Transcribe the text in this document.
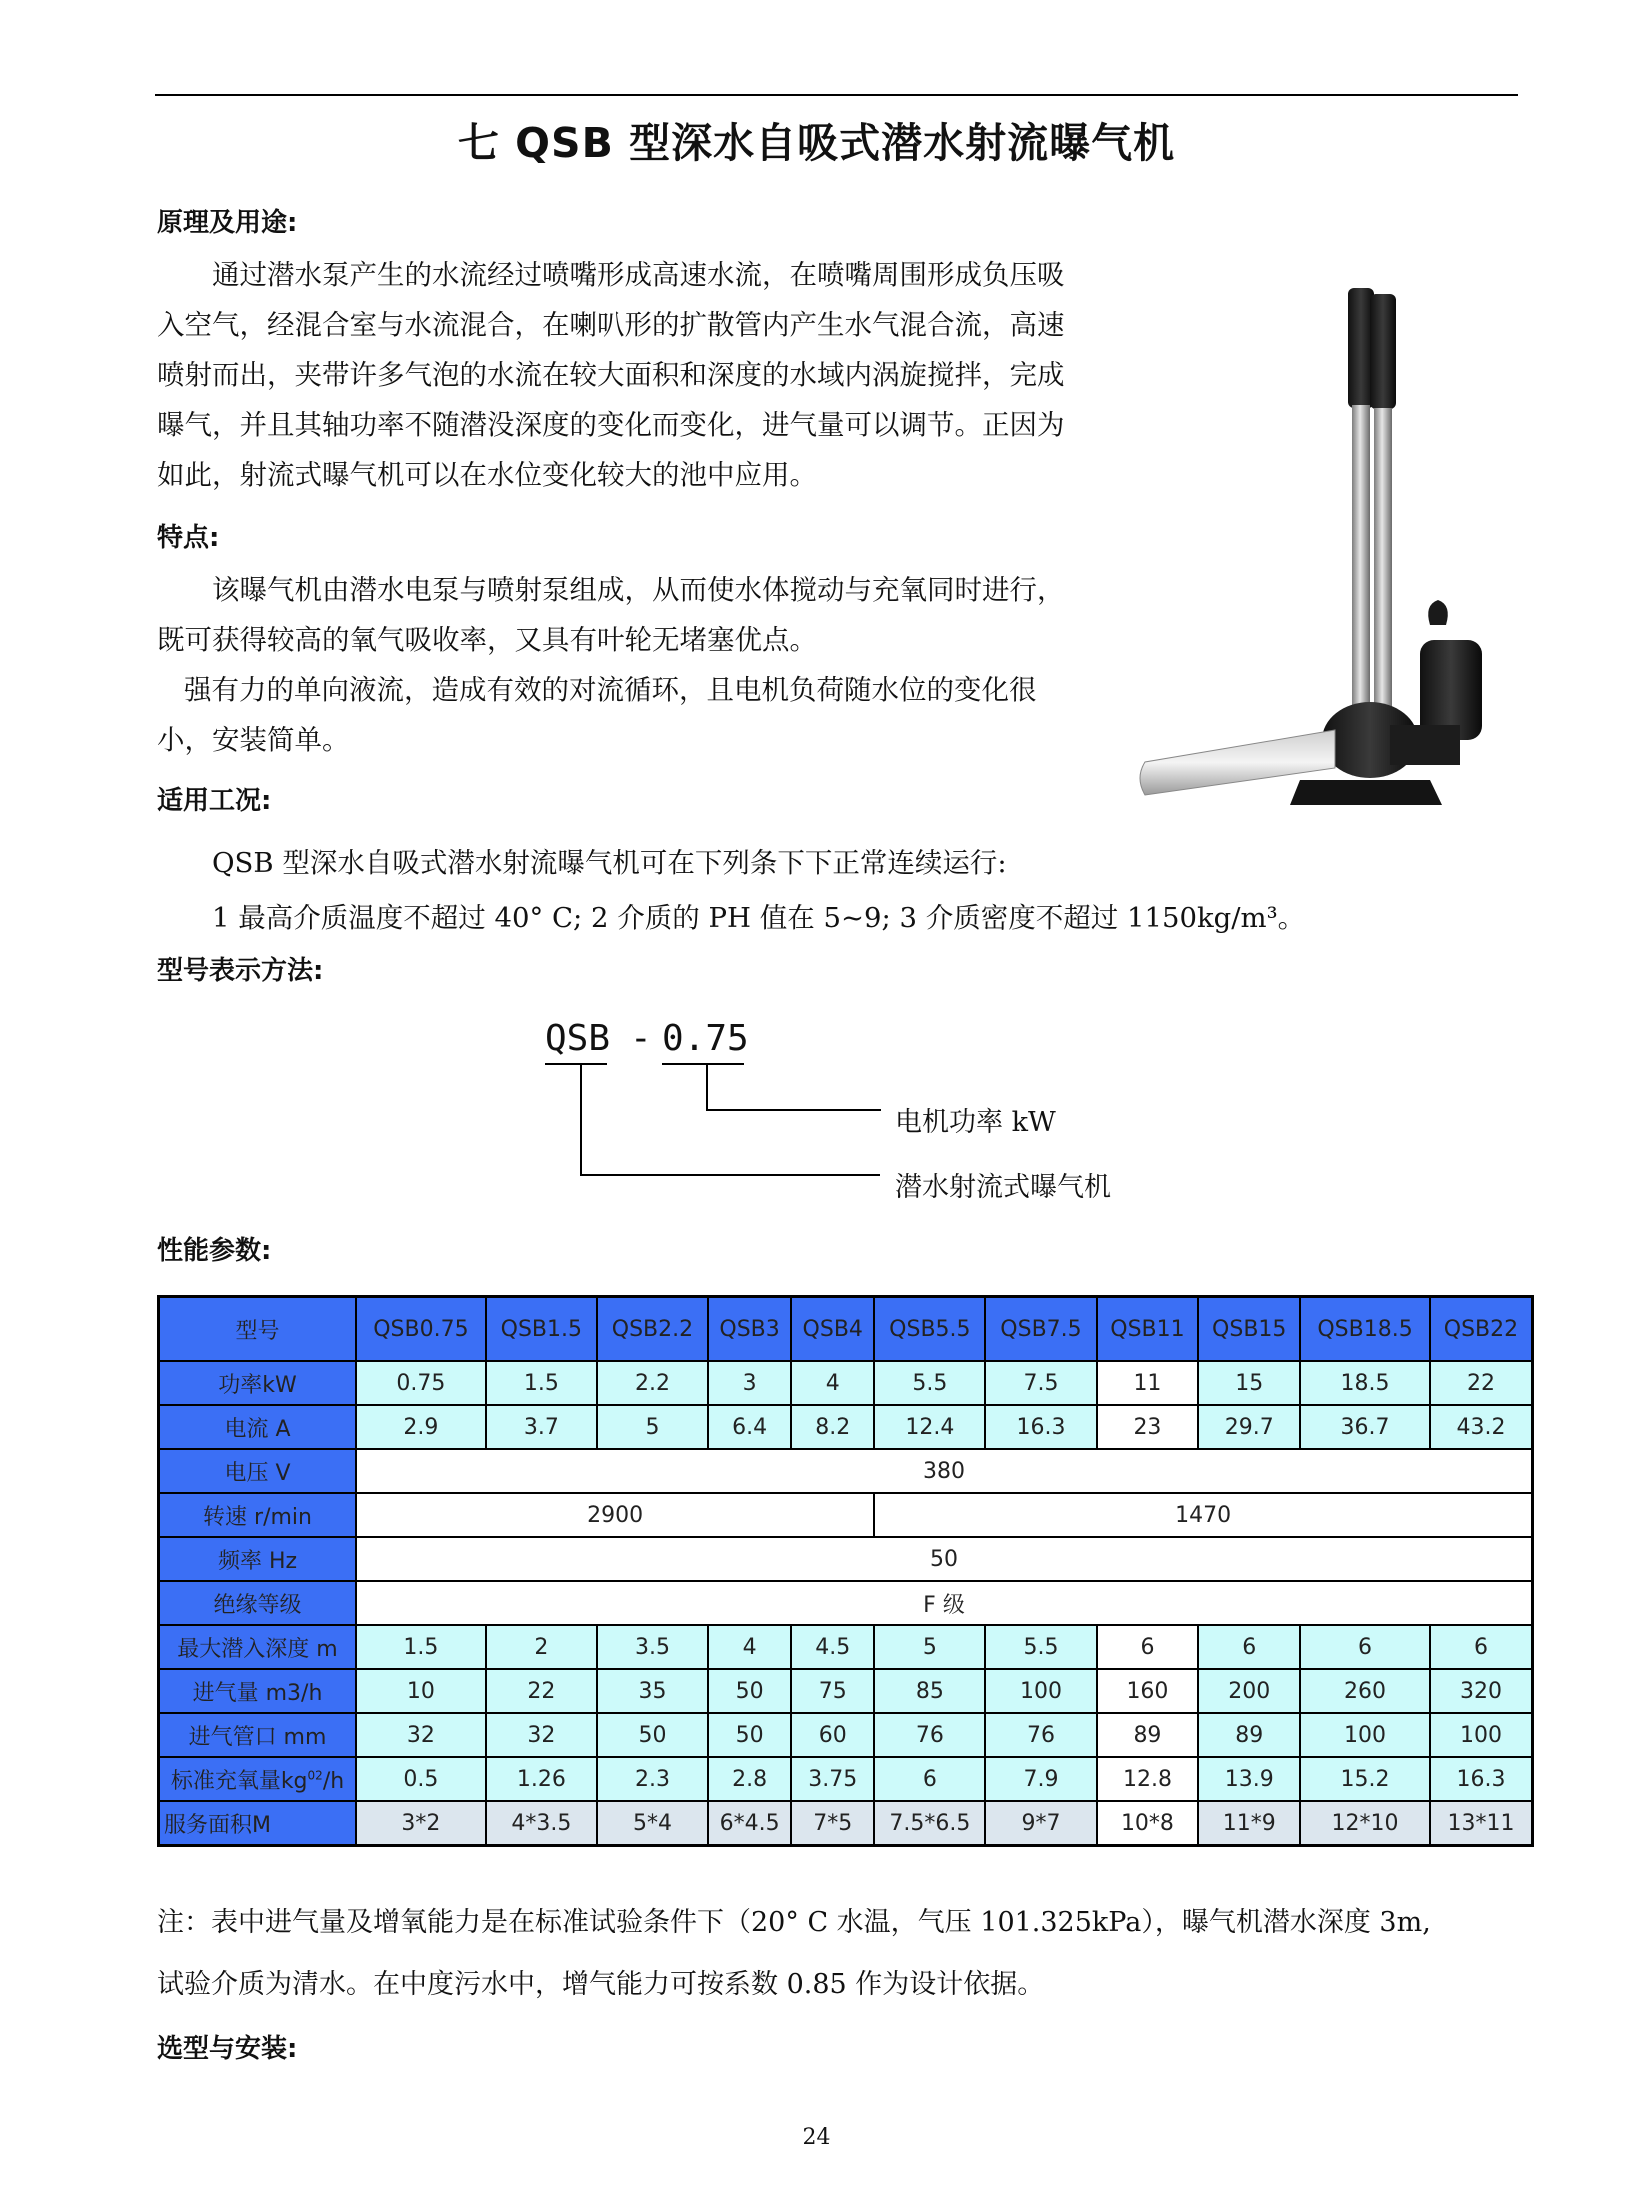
七 QSB 型深水自吸式潜水射流曝气机
原理及用途:

通过潜水泵产生的水流经过喷嘴形成高速水流，在喷嘴周围形成负压吸入空气，经混合室与水流混合，在喇叭形的扩散管内产生水气混合流，高速喷射而出，夹带许多气泡的水流在较大面积和深度的水域内涡旋搅拌，完成曝气，并且其轴功率不随潜没深度的变化而变化，进气量可以调节。正因为如此，射流式曝气机可以在水位变化较大的池中应用。

特点:

该曝气机由潜水电泵与喷射泵组成，从而使水体搅动与充氧同时进行，既可获得较高的氧气吸收率，又具有叶轮无堵塞优点。

强有力的单向液流，造成有效的对流循环，且电机负荷随水位的变化很小，安装简单。

适用工况:
QSB 型深水自吸式潜水射流曝气机可在下列条下下正常连续运行:
1 最高介质温度不超过 40° C; 2 介质的 PH 值在 5~9; 3 介质密度不超过 1150kg/m³。
型号表示方法:
QSB - 0.75
电机功率 kW
潜水射流式曝气机
性能参数:
型号	QSB0.75	QSB1.5	QSB2.2	QSB3	QSB4	QSB5.5	QSB7.5	QSB11	QSB15	QSB18.5	QSB22
功率kW	0.75	1.5	2.2	3	4	5.5	7.5	11	15	18.5	22
电流 A	2.9	3.7	5	6.4	8.2	12.4	16.3	23	29.7	36.7	43.2
电压 V	380										
转速 r/min	2900					1470					
频率 Hz	50										
绝缘等级	F 级										
最大潜入深度 m	1.5	2	3.5	4	4.5	5	5.5	6	6	6	6
进气量 m3/h	10	22	35	50	75	85	100	160	200	260	320
进气管口 mm	32	32	50	50	60	76	76	89	89	100	100
标准充氧量$kg^{02}/h$	0.5	1.26	2.3	2.8	3.75	6	7.9	12.8	13.9	15.2	16.3
服务面积M	3*2	4*3.5	5*4	6*4.5	7*5	7.5*6.5	9*7	10*8	11*9	12*10	13*11
注：表中进气量及增氧能力是在标准试验条件下（20° C 水温，气压 101.325kPa），曝气机潜水深度 3m,
试验介质为清水。在中度污水中，增气能力可按系数 0.85 作为设计依据。
选型与安装:
24
